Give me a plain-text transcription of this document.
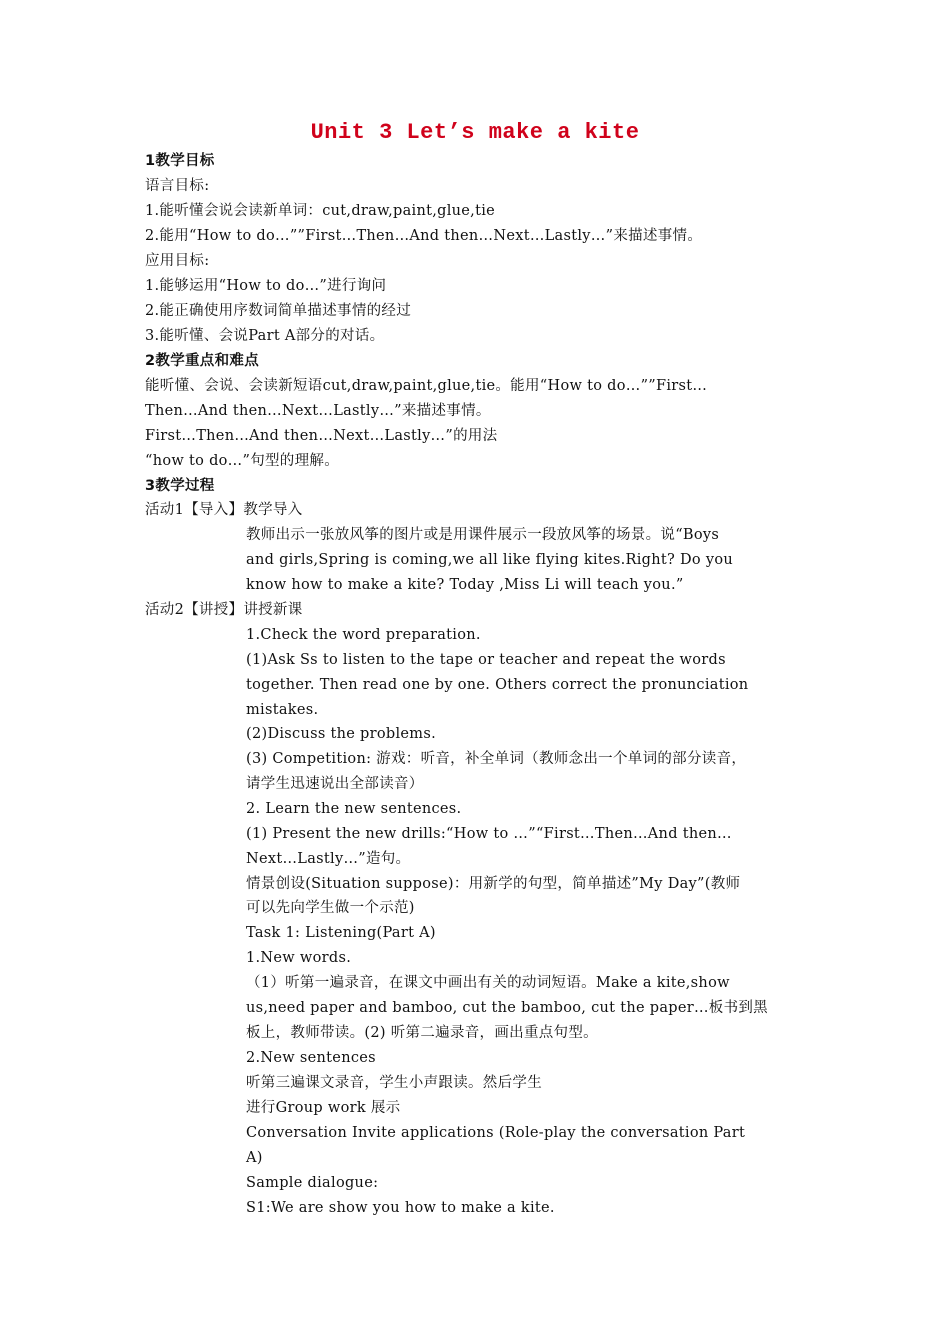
Unit 3 Let’s make a kite
1教学目标
语言目标:
1.能听懂会说会读新单词：cut,draw,paint,glue,tie
2.能用“How to do…””First…Then…And then…Next…Lastly…”来描述事情。
应用目标:
1.能够运用“How to do…”进行询问
2.能正确使用序数词简单描述事情的经过
3.能听懂、会说Part A部分的对话。
2教学重点和难点
能听懂、会说、会读新短语cut,draw,paint,glue,tie。能用“How to do…””First…
Then…And then…Next…Lastly…”来描述事情。
First…Then…And then…Next…Lastly…”的用法
“how to do…”句型的理解。
3教学过程
活动1【导入】教学导入
教师出示一张放风筝的图片或是用课件展示一段放风筝的场景。说“Boys
and girls,Spring is coming,we all like flying kites.Right? Do you
know how to make a kite? Today ,Miss Li will teach you.”
活动2【讲授】讲授新课
1.Check the word preparation.
(1)Ask Ss to listen to the tape or teacher and repeat the words
together. Then read one by one. Others correct the pronunciation
mistakes.
(2)Discuss the problems.
(3) Competition: 游戏：听音，补全单词（教师念出一个单词的部分读音，
请学生迅速说出全部读音）
2. Learn the new sentences.
(1) Present the new drills:“How to …”“First…Then…And then…
Next…Lastly…”造句。
情景创设(Situation suppose)：用新学的句型，简单描述”My Day”(教师
可以先向学生做一个示范)
Task 1: Listening(Part A)
1.New words.
（1）听第一遍录音，在课文中画出有关的动词短语。Make a kite,show
us,need paper and bamboo, cut the bamboo, cut the paper…板书到黑
板上，教师带读。(2) 听第二遍录音，画出重点句型。
2.New sentences
听第三遍课文录音，学生小声跟读。然后学生
进行Group work 展示
Conversation Invite applications (Role-play the conversation Part
A)
Sample dialogue:
S1:We are show you how to make a kite.
